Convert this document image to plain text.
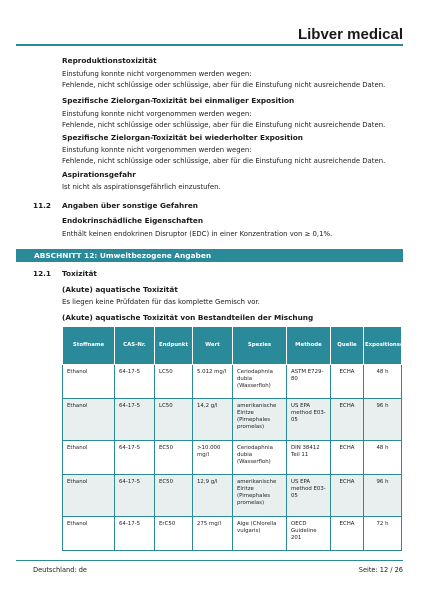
Libver medical
Reproduktionstoxizität
Einstufung konnte nicht vorgenommen werden wegen:
Fehlende, nicht schlüssige oder schlüssige, aber für die Einstufung nicht ausreichende Daten.
Spezifische Zielorgan-Toxizität bei einmaliger Exposition
Einstufung konnte nicht vorgenommen werden wegen:
Fehlende, nicht schlüssige oder schlüssige, aber für die Einstufung nicht ausreichende Daten.
Spezifische Zielorgan-Toxizität bei wiederholter Exposition
Einstufung konnte nicht vorgenommen werden wegen:
Fehlende, nicht schlüssige oder schlüssige, aber für die Einstufung nicht ausreichende Daten.
Aspirationsgefahr
Ist nicht als aspirationsgefährlich einzustufen.
11.2 Angaben über sonstige Gefahren
Endokrinschädliche Eigenschaften
Enthält keinen endokrinen Disruptor (EDC) in einer Konzentration von ≥ 0,1%.
ABSCHNITT 12: Umweltbezogene Angaben
12.1 Toxizität
(Akute) aquatische Toxizität
Es liegen keine Prüfdaten für das komplette Gemisch vor.
(Akute) aquatische Toxizität von Bestandteilen der Mischung
Stoffname	CAS-Nr.	Endpunkt	Wert	Spezies	Methode	Quelle	Expositionsdauer
Ethanol	64-17-5	LC50	5.012 mg/l	Ceriodaphnia dubia (Wasserfloh)	ASTM E729-80	ECHA	48 h
Ethanol	64-17-5	LC50	14,2 g/l	amerikanische Elritze (Pimephales promelas)	US EPA method E03-05	ECHA	96 h
Ethanol	64-17-5	EC50	>10.000 mg/l	Ceriodaphnia dubia (Wasserfloh)	DIN 38412 Teil 11	ECHA	48 h
Ethanol	64-17-5	EC50	12,9 g/l	amerikanische Elritze (Pimephales promelas)	US EPA method E03-05	ECHA	96 h
Ethanol	64-17-5	ErC50	275 mg/l	Alge (Chlorella vulgaris)	OECD Guideline 201	ECHA	72 h
Deutschland: de	Seite: 12 / 26
